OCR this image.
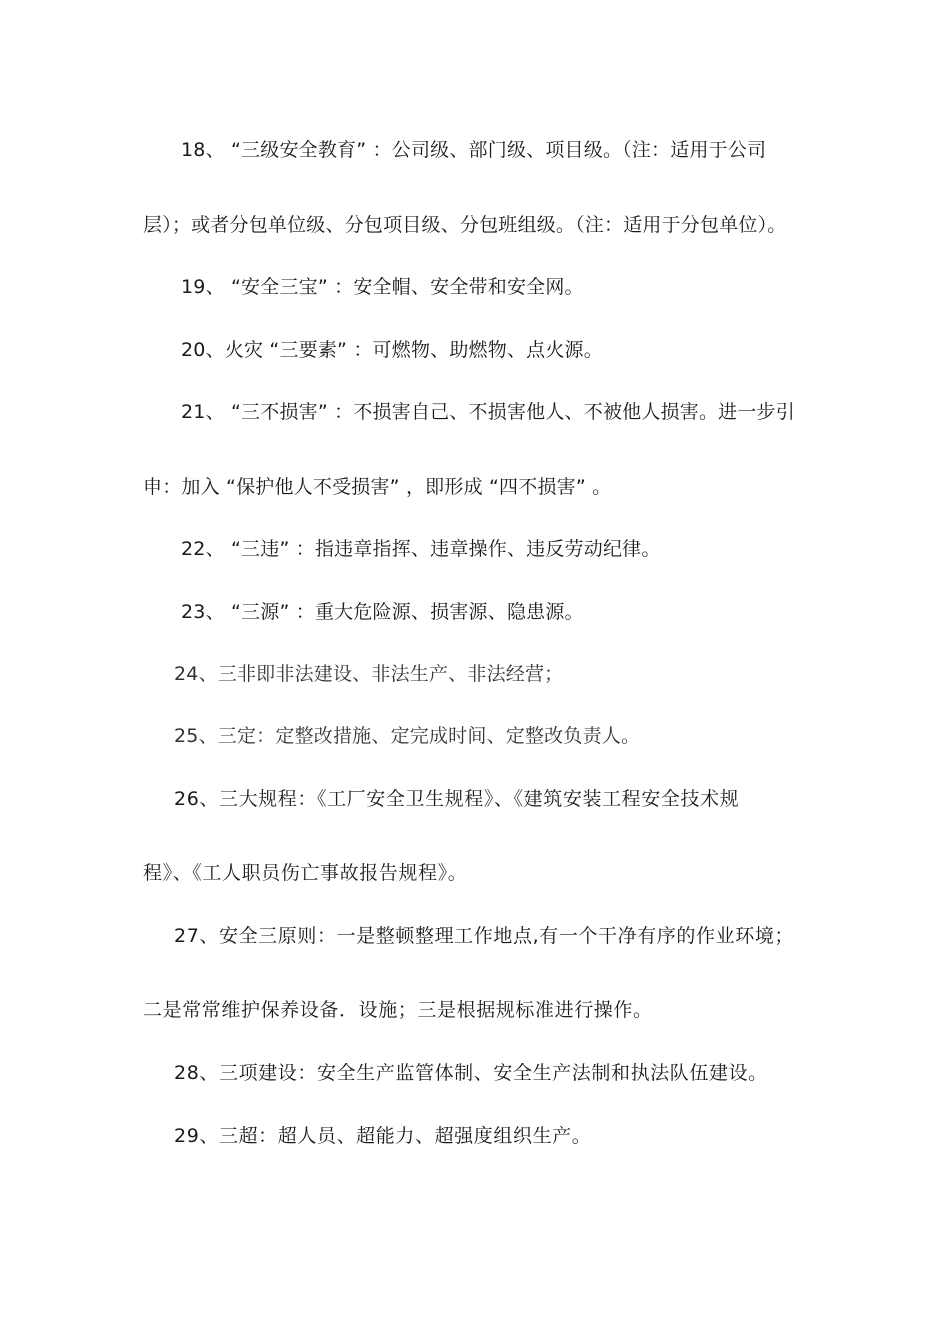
18、 “三级安全教育” ：公司级、部门级、项目级。（注：适用于公司
层）；或者分包单位级、分包项目级、分包班组级。（注：适用于分包单位）。
19、 “安全三宝” ：安全帽、安全带和安全网。
20、火灾 “三要素” ：可燃物、助燃物、点火源。
21、 “三不损害” ：不损害自己、不损害他人、不被他人损害。进一步引
申：加入 “保护他人不受损害” ，即形成 “四不损害” 。
22、 “三违” ：指违章指挥、违章操作、违反劳动纪律。
23、 “三源” ：重大危险源、损害源、隐患源。
24、三非即非法建设、非法生产、非法经营；
25、三定：定整改措施、定完成时间、定整改负责人。
26、三大规程：《工厂安全卫生规程》、《建筑安装工程安全技术规
程》、《工人职员伤亡事故报告规程》。
27、安全三原则：一是整顿整理工作地点,有一个干净有序的作业环境；
二是常常维护保养设备．设施；三是根据规标准进行操作。
28、三项建设：安全生产监管体制、安全生产法制和执法队伍建设。
29、三超：超人员、超能力、超强度组织生产。
